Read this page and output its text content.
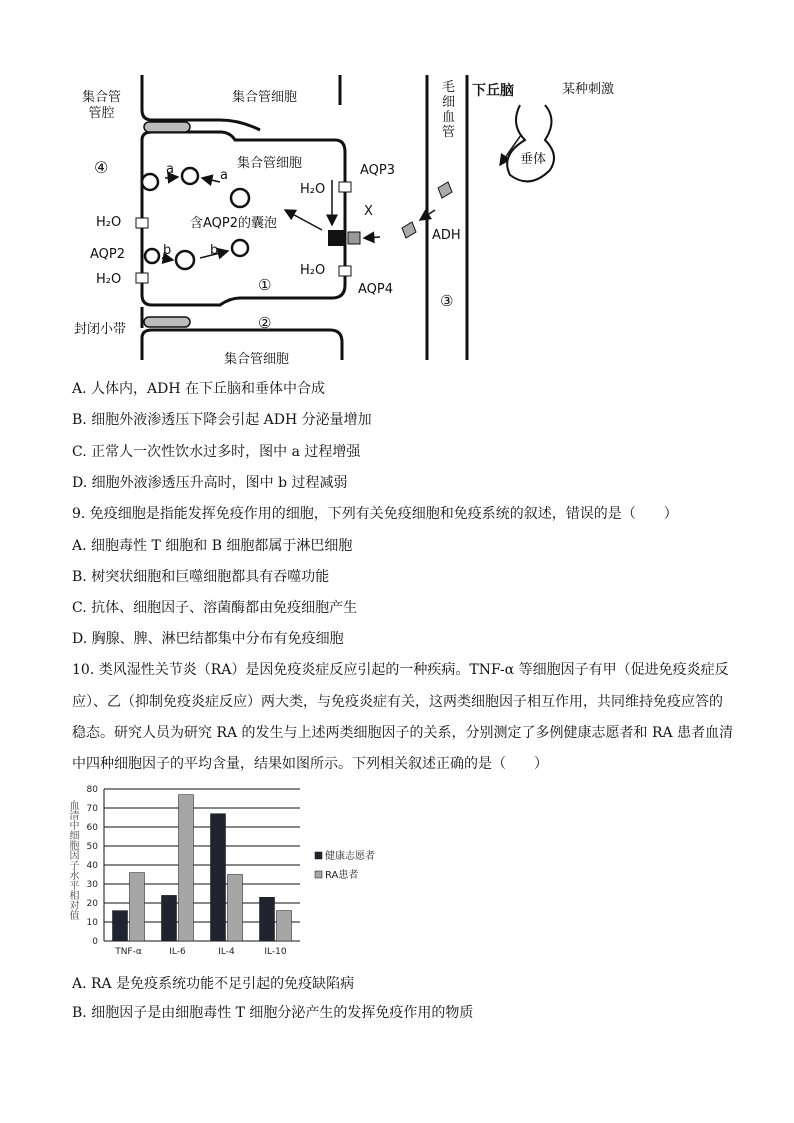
集合管
管腔
集合管细胞
集合管细胞
集合管细胞
④
①
②
③
毛
细
血
管
下丘脑	某种刺激
垂体
ADH
X
AQP3
AQP4
AQP2
H₂O
H₂O
H₂O
H₂O
含AQP2的囊泡
a	a
b	b
封闭小带
A. 人体内，ADH 在下丘脑和垂体中合成
B. 细胞外液渗透压下降会引起 ADH 分泌量增加
C. 正常人一次性饮水过多时，图中 a 过程增强
D. 细胞外液渗透压升高时，图中 b 过程减弱
9. 免疫细胞是指能发挥免疫作用的细胞，下列有关免疫细胞和免疫系统的叙述，错误的是（　　）
A. 细胞毒性 T 细胞和 B 细胞都属于淋巴细胞
B. 树突状细胞和巨噬细胞都具有吞噬功能
C. 抗体、细胞因子、溶菌酶都由免疫细胞产生
D. 胸腺、脾、淋巴结都集中分布有免疫细胞
10. 类风湿性关节炎（RA）是因免疫炎症反应引起的一种疾病。TNF-α 等细胞因子有甲（促进免疫炎症反
应）、乙（抑制免疫炎症反应）两大类，与免疫炎症有关，这两类细胞因子相互作用，共同维持免疫应答的
稳态。研究人员为研究 RA 的发生与上述两类细胞因子的关系，分别测定了多例健康志愿者和 RA 患者血清
中四种细胞因子的平均含量，结果如图所示。下列相关叙述正确的是（　　）
0
10
20
30
40
50
60
70
80
TNF-α	IL-6	IL-4	IL-10
健康志愿者
RA患者
血清中细胞因子水平相对值
A. RA 是免疫系统功能不足引起的免疫缺陷病
B. 细胞因子是由细胞毒性 T 细胞分泌产生的发挥免疫作用的物质
